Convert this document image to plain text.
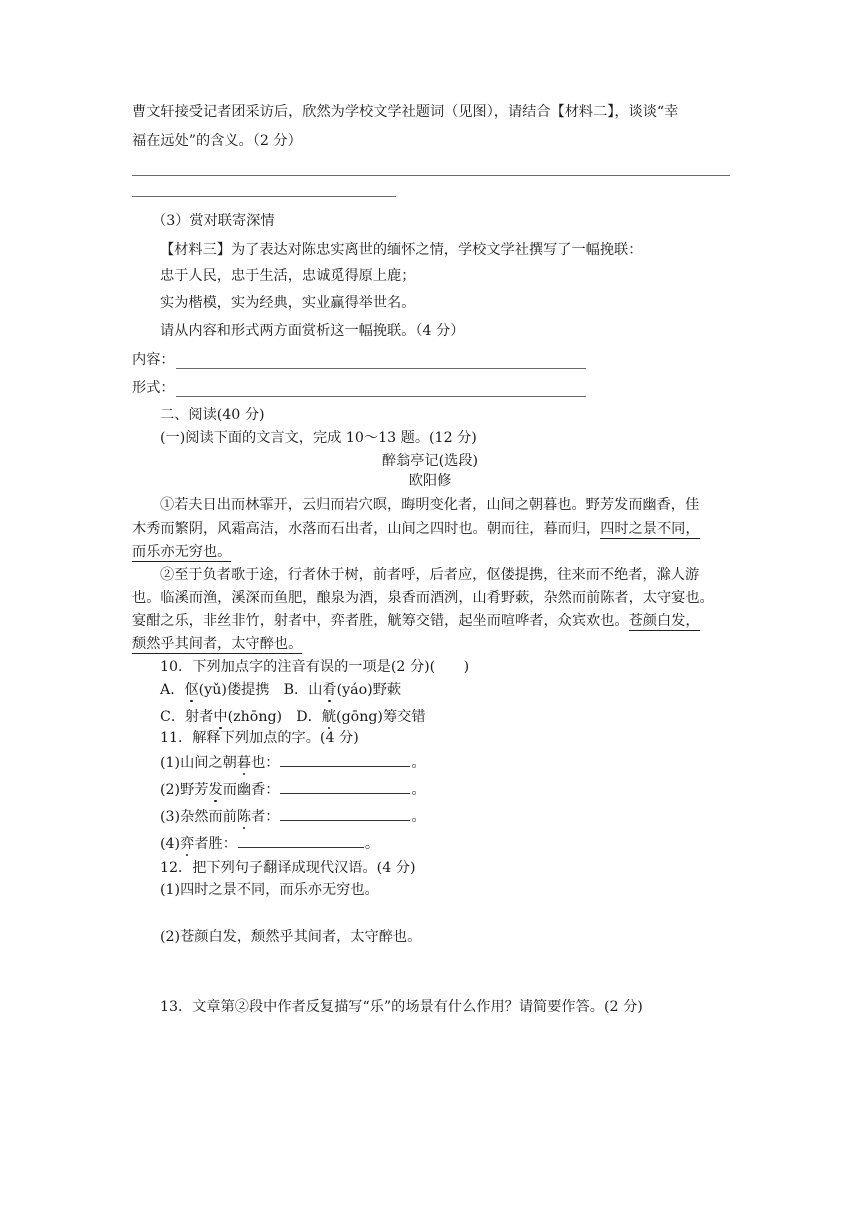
曹文轩接受记者团采访后，欣然为学校文学社题词（见图），请结合【材料二】，谈谈“幸
福在远处”的含义。（2 分）
（3）赏对联寄深情
【材料三】为了表达对陈忠实离世的缅怀之情，学校文学社撰写了一幅挽联：
忠于人民，忠于生活，忠诚觅得原上鹿；
实为楷模，实为经典，实业赢得举世名。
请从内容和形式两方面赏析这一幅挽联。（4 分）
内容：
形式：
二、阅读(40 分)
(一)阅读下面的文言文，完成 10～13 题。(12 分)
醉翁亭记(选段)
欧阳修
①若夫日出而林霏开，云归而岩穴暝，晦明变化者，山间之朝暮也。野芳发而幽香，佳
木秀而繁阴，风霜高洁，水落而石出者，山间之四时也。朝而往，暮而归，四时之景不同，
而乐亦无穷也。
②至于负者歌于途，行者休于树，前者呼，后者应，伛偻提携，往来而不绝者，滁人游
也。临溪而渔，溪深而鱼肥，酿泉为酒，泉香而酒洌，山肴野蔌，杂然而前陈者，太守宴也。
宴酣之乐，非丝非竹，射者中，弈者胜，觥筹交错，起坐而喧哗者，众宾欢也。苍颜白发，
颓然乎其间者，太守醉也。
10．下列加点字的注音有误的一项是(2 分)(　　)
A．伛(yǔ)偻提携　B．山肴(yáo)野蔌
C．射者中(zhōng)　D．觥(gōng)筹交错
11．解释下列加点的字。(4 分)
(1)山间之朝暮也：	。
(2)野芳发而幽香：	。
(3)杂然而前陈者：	。
(4)弈者胜：	。
12．把下列句子翻译成现代汉语。(4 分)
(1)四时之景不同，而乐亦无穷也。
(2)苍颜白发，颓然乎其间者，太守醉也。
13．文章第②段中作者反复描写“乐”的场景有什么作用？请简要作答。(2 分)
